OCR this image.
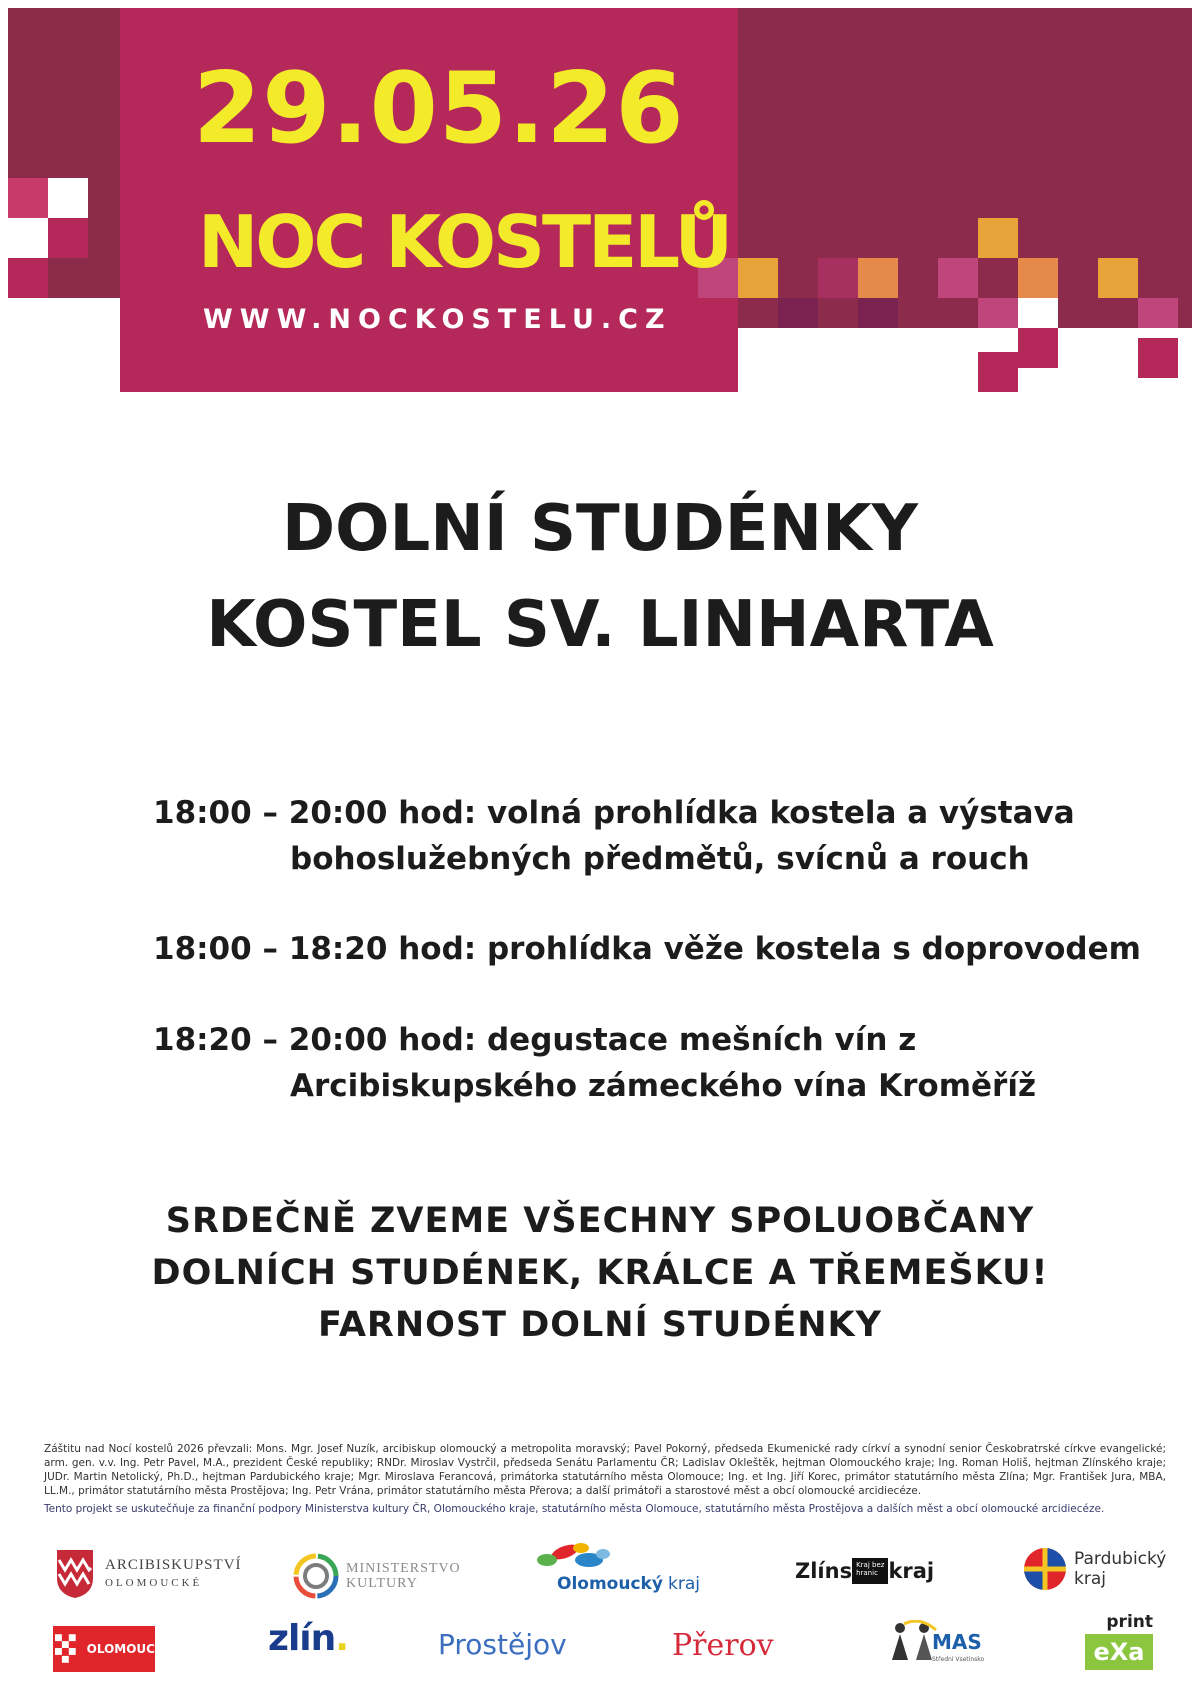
29.05.26
NOC KOSTELŮ
WWW.NOCKOSTELU.CZ
DOLNÍ STUDÉNKY
KOSTEL SV. LINHARTA
18:00 – 20:00 hod: volná prohlídka kostela a výstava
bohoslužebných předmětů, svícnů a rouch
18:00 – 18:20 hod: prohlídka věže kostela s doprovodem
18:20 – 20:00 hod: degustace mešních vín z
Arcibiskupského zámeckého vína Kroměříž
SRDEČNĚ ZVEME VŠECHNY SPOLUOBČANY
DOLNÍCH STUDÉNEK, KRÁLCE A TŘEMEŠKU!
FARNOST DOLNÍ STUDÉNKY
Záštitu nad Nocí kostelů 2026 převzali: Mons. Mgr. Josef Nuzík, arcibiskup olomoucký a metropolita moravský; Pavel Pokorný, předseda Ekumenické rady církví a synodní senior Českobratrské církve evangelické; arm. gen. v.v. Ing. Petr Pavel, M.A., prezident České republiky; RNDr. Miroslav Vystrčil, předseda Senátu Parlamentu ČR; Ladislav Okleštěk, hejtman Olomouckého kraje; Ing. Roman Holiš, hejtman Zlínského kraje; JUDr. Martin Netolický, Ph.D., hejtman Pardubického kraje; Mgr. Miroslava Ferancová, primátorka statutárního města Olomouce; Ing. et Ing. Jiří Korec, primátor statutárního města Zlína; Mgr. František Jura, MBA, LL.M., primátor statutárního města Prostějova; Ing. Petr Vrána, primátor statutárního města Přerova; a další primátoři a starostové měst a obcí olomoucké arcidiecéze.
Tento projekt se uskutečňuje za finanční podpory Ministerstva kultury ČR, Olomouckého kraje, statutárního města Olomouce, statutárního města Prostějova a dalších měst a obcí olomoucké arcidiecéze.
ARCIBISKUPSTVÍ
OLOMOUCKÉ
MINISTERSTVO
KULTURY	Olomoucký kraj
Zlíns Kraj bez
hranic kraj	Pardubický
kraj
OLOMOUC	zlín .	Prostějov	Přerov	MAS
Střední Vsetínsko
print
eXa
